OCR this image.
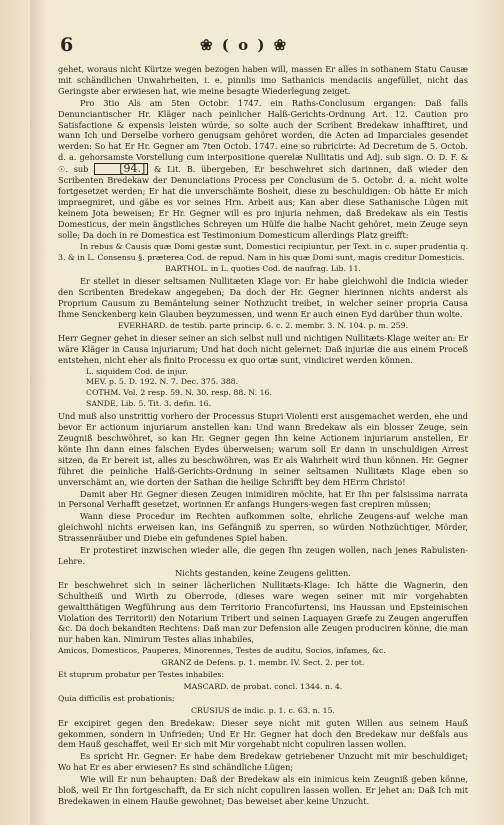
6	❀ ( o ) ❀

gehet, woraus nicht Kürtze wegen bezogen haben will, massen Er alles in sothanem Statu Causæ mit schändlichen Unwahrheiten, i. e. pinnlis imo Sathanicis mendaciis angefüllet, nicht das Geringste aber erwiesen hat, wie meine besagte Wiederlegung zeiget.

Pro 3tio Als am 5ten Octobr. 1747. ein Raths-Conclusum ergangen: Daß falls Denunciantischer Hr. Kläger nach peinlicher Halß-Gerichts-Ordnung Art. 12. Caution pro Satisfactione & expensis leisten würde, so solte auch der Scribent Bredekaw inhafftiret, und wann Ich und Derselbe vorhero genugsam gehöret worden, die Acten ad Imparciales gesendet werden: So hat Er Hr. Gegner am 7ten Octob. 1747. eine so rubricirte: Ad Decretum de 5. Octob. d. a. gehorsamste Vorstellung cum interpositione querelæ Nullitatis und Adj. sub sign. O. D. F. & ☉. sub	[94.] & Lit. B. übergeben, Er beschwehret sich darinnen, daß wieder den Scribenten Bredekaw der Denunciations Process per Conclusum de 5. Octobr. d. a. nicht wolte fortgesetzet werden; Er hat die unverschämte Bosheit, diese zu beschuldigen: Ob hätte Er mich impraegniret, und gäbe es vor seines Hrn. Arbeit aus; Kan aber diese Sathanische Lügen mit keinem Jota beweisen; Er Hr. Gegner will es pro injuria nehmen, daß Bredekaw als ein Testis Domesticus, der mein ängstliches Schreyen um Hülfe die halbe Nacht gehöret, mein Zeuge seyn solle; Da doch in re Domestica est Testimonium Domesticum allerdings Platz greifft:

In rebus & Causis quæ Domi gestæ sunt, Domestici recipiuntur, per Text. in c. super prudentia q. 3. & in L. Consensu §. præterea Cod. de repud. Nam in his quæ Domi sunt, magis creditur Domesticis.

BARTHOL. in L. quoties Cod. de naufrag. Lib. 11.

Er stellet in dieser seltsamen Nullitæten Klage vor: Er habe gleichwohl die Indicia wieder den Scribenten Bredekaw angegeben; Da doch der Hr. Gegner hierinnen nichts anderst als Proprium Causum zu Bemäntelung seiner Nothzucht treibet, in welcher seiner propria Causa Ihme Senckenberg kein Glauben beyzumessen, und wenn Er auch einen Eyd darüber thun wolte.

EVERHARD. de testib. parte princip. 6. c. 2. membr. 3. N. 104. p. m. 259.

Herr Gegner gehet in dieser seiner an sich selbst null und nichtigen Nullitæts-Klage weiter an: Er wäre Kläger in Causa injuriarum; Und hat doch nicht gelernet: Daß injuriæ die aus einem Proceß entstehen, nicht eher als finito Processu ex quo ortæ sunt, vindiciret werden können.

L. siquidem Cod. de injur.
MEV. p. 5. D. 192. N. 7. Dec. 375. 388.
COTHM. Vol. 2 resp. 59. N. 30. resp. 88. N. 16.
SANDE, Lib. 5. Tit. 3. defin. 16.

Und muß also unstrittig vorhero der Processus Stupri Violenti erst ausgemachet werden, ehe und bevor Er actionum injuriarum anstellen kan: Und wann Bredekaw als ein blosser Zeuge, sein Zeugniß beschwöhret, so kan Hr. Gegner gegen Ihn keine Actionem injuriarum anstellen, Er könte Ihn dann eines falschen Eydes überweisen; warum soll Er dann in unschuldigen Arrest sitzen, da Er bereit ist, alles zu beschwöhren, was Er als Wahrheit wird thun können. Hr. Gegner führet die peinliche Halß-Gerichts-Ordnung in seiner seltsamen Nullitæts Klage eben so unverschämt an, wie dorten der Sathan die heilige Schrifft bey dem HErrn Christo!

Damit aber Hr. Gegner diesen Zeugen inimidiren möchte, hat Er Ihn per falsissima narrata in Personal Verhafft gesetzet, worinnen Er anfangs Hungers-wegen fast crepiren müssen;

Wann diese Procedur im Rechten aufkommen solte, ehrliche Zeugens-auf welche man gleichwohl nichts erweisen kan, ins Gefängniß zu sperren, so würden Nothzüchtiger, Mörder, Strassenräuber und Diebe ein gefundenes Spiel haben.

Er protestiret inzwischen wieder alle, die gegen Ihn zeugen wollen, nach jenes Rabulisten-Lehre.

Nichts gestanden, keine Zeugens gelitten.

Er beschwehret sich in seiner lächerlichen Nullitæts-Klage: Ich hätte die Wagnerin, den Schultheiß und Wirth zu Oberrode, (dieses ware wegen seiner mit mir vorgehabten gewaltthätigen Wegführung aus dem Territorio Francofurtensi, ins Haussan und Epsteinischen Violation des Territorii) den Notarium Tribert und seinen Laquayen Græfe zu Zeugen angeruffen &c. Da doch bekandten Rechtens: Daß man zur Defension alle Zeugen produciren könne, die man nur haben kan. Nimirum Testes alias inhabiles,

Amicos, Domesticos, Pauperes, Minorennes, Testes de auditu, Socios, infames, &c.

GRANZ de Defens. p. 1. membr. IV. Sect. 2. per tot.

Et stuprum probatur per Testes inhabiles:

MASCARD. de probat. concl. 1344. n. 4.

Quia difficilis est probationis:

CRUSIUS de indic. p. 1. c. 63. n. 15.

Er excipiret gegen den Bredekaw: Dieser seye nicht mit guten Willen aus seinem Hauß gekommen, sondern in Unfrieden; Und Er Hr. Gegner hat doch den Bredekaw nur deßfals aus dem Hauß geschaffet, weil Er sich mit Mir vorgehabt nicht copuliren lassen wollen.

Es spricht Hr. Gegner: Er habe dem Bredekaw getriebener Unzucht mit mir beschuldiget; Wo hat Er es aber erwiesen? Es sind schändliche Lügen;

Wie will Er nun behaupten: Daß der Bredekaw als ein inimicus kein Zeugniß geben könne, bloß, weil Er Ihn fortgeschafft, da Er sich nicht copuliren lassen wollen. Er jehet an: Daß Ich mit Bredekawen in einem Hauße gewohnet; Das beweiset aber keine Unzucht.
